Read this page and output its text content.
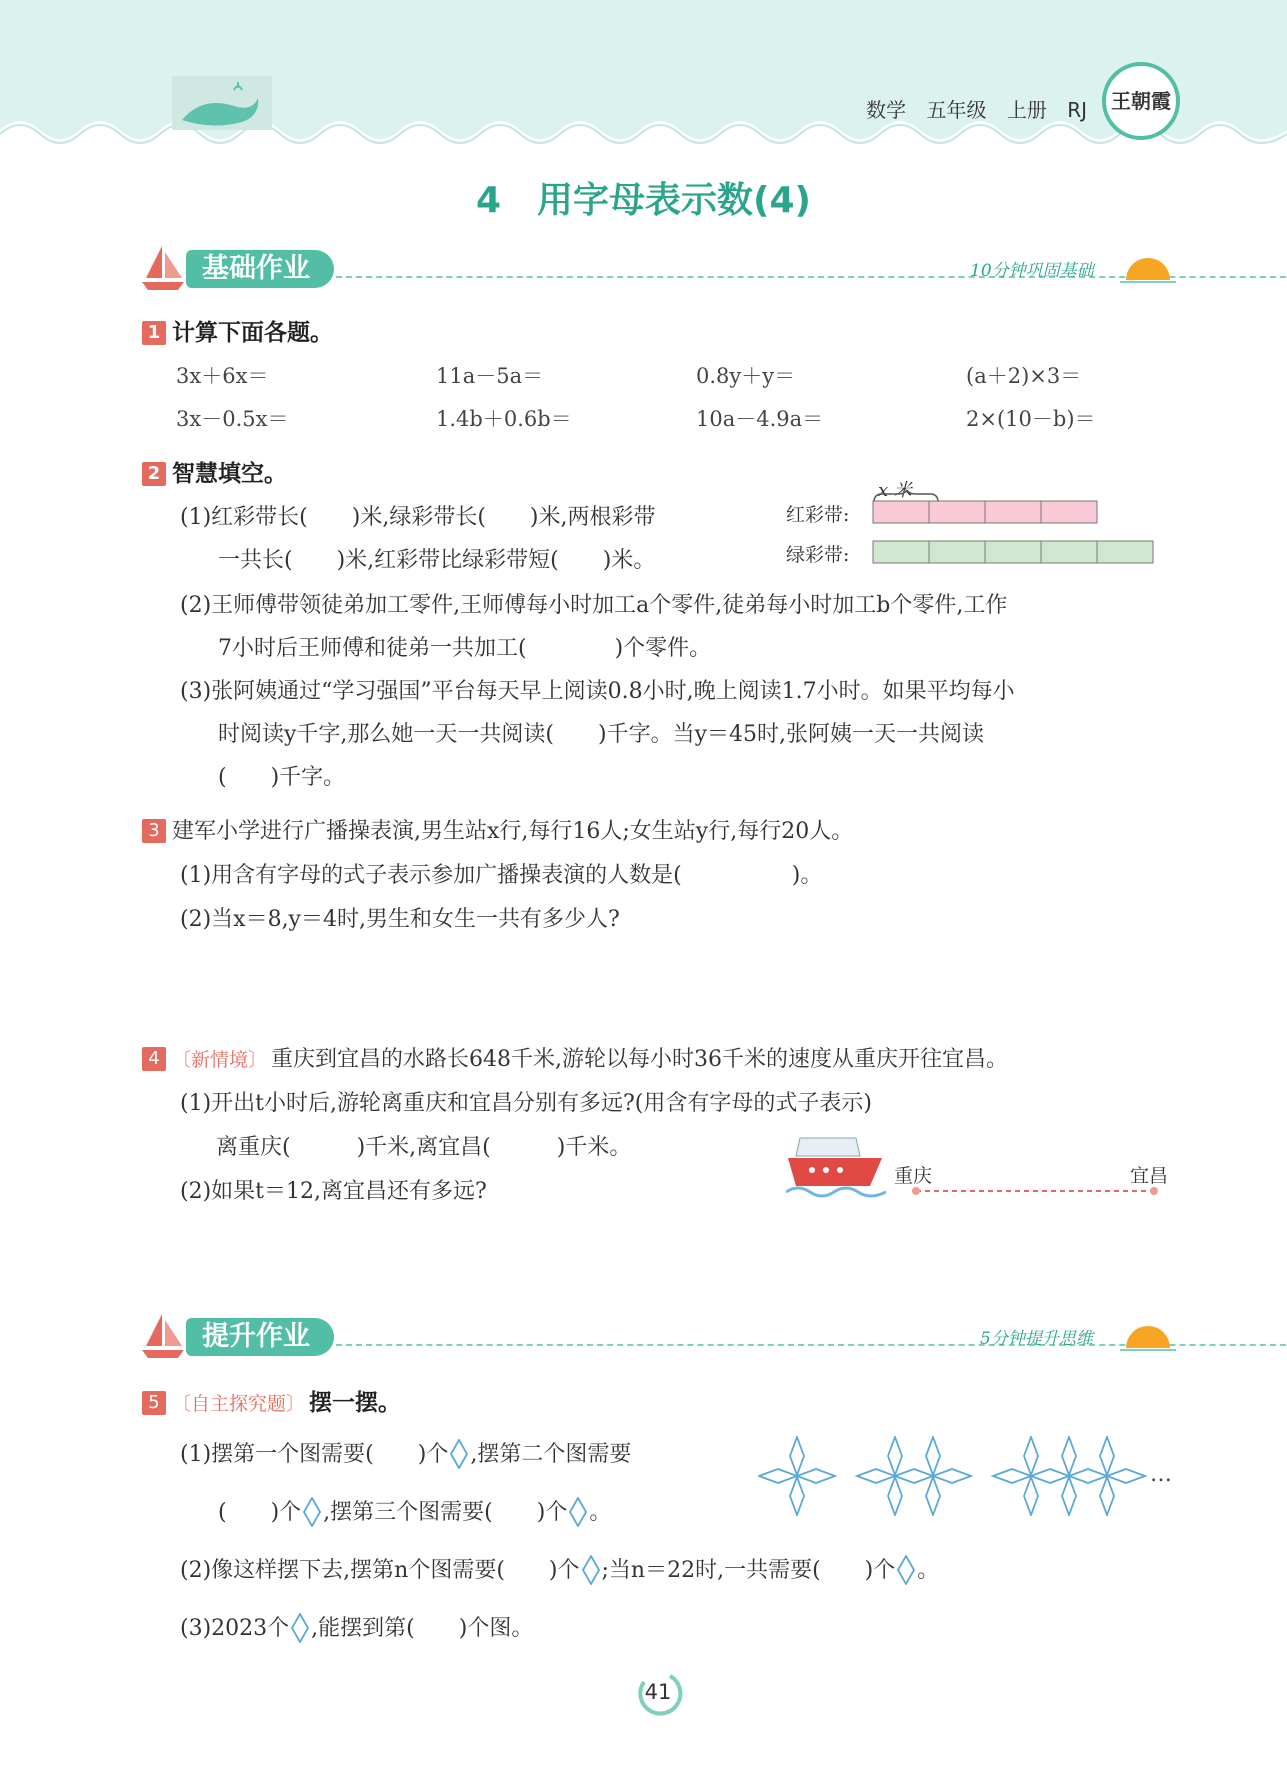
数学 五年级 上册 RJ	王朝霞
4　用字母表示数(4)
基础作业	10分钟巩固基础
1 计算下面各题。
3x＋6x＝	11a－5a＝	0.8y＋y＝	(a＋2)×3＝
3x－0.5x＝	1.4b＋0.6b＝	10a－4.9a＝	2×(10－b)＝
2 智慧填空。
(1)红彩带长(　　)米,绿彩带长(　　)米,两根彩带
一共长(　　)米,红彩带比绿彩带短(　　)米。
x 米
红彩带:
绿彩带:
(2)王师傅带领徒弟加工零件,王师傅每小时加工a个零件,徒弟每小时加工b个零件,工作
7小时后王师傅和徒弟一共加工(　　　　)个零件。
(3)张阿姨通过“学习强国”平台每天早上阅读0.8小时,晚上阅读1.7小时。如果平均每小
时阅读y千字,那么她一天一共阅读(　　)千字。当y＝45时,张阿姨一天一共阅读
(　　)千字。
3 建军小学进行广播操表演,男生站x行,每行16人;女生站y行,每行20人。
(1)用含有字母的式子表示参加广播操表演的人数是(　　　　　)。
(2)当x＝8,y＝4时,男生和女生一共有多少人?
4 〔新情境〕 重庆到宜昌的水路长648千米,游轮以每小时36千米的速度从重庆开往宜昌。
(1)开出t小时后,游轮离重庆和宜昌分别有多远?(用含有字母的式子表示)
离重庆(　　　)千米,离宜昌(　　　)千米。
(2)如果t＝12,离宜昌还有多远?
重庆	宜昌
提升作业	5分钟提升思维
5 〔自主探究题〕 摆一摆。
(1)摆第一个图需要(　　)个 ,摆第二个图需要
(　　)个 ,摆第三个图需要(　　)个 。
…
(2)像这样摆下去,摆第n个图需要(　　)个 ;当n＝22时,一共需要(　　)个 。
(3)2023个 ,能摆到第(　　)个图。
41
